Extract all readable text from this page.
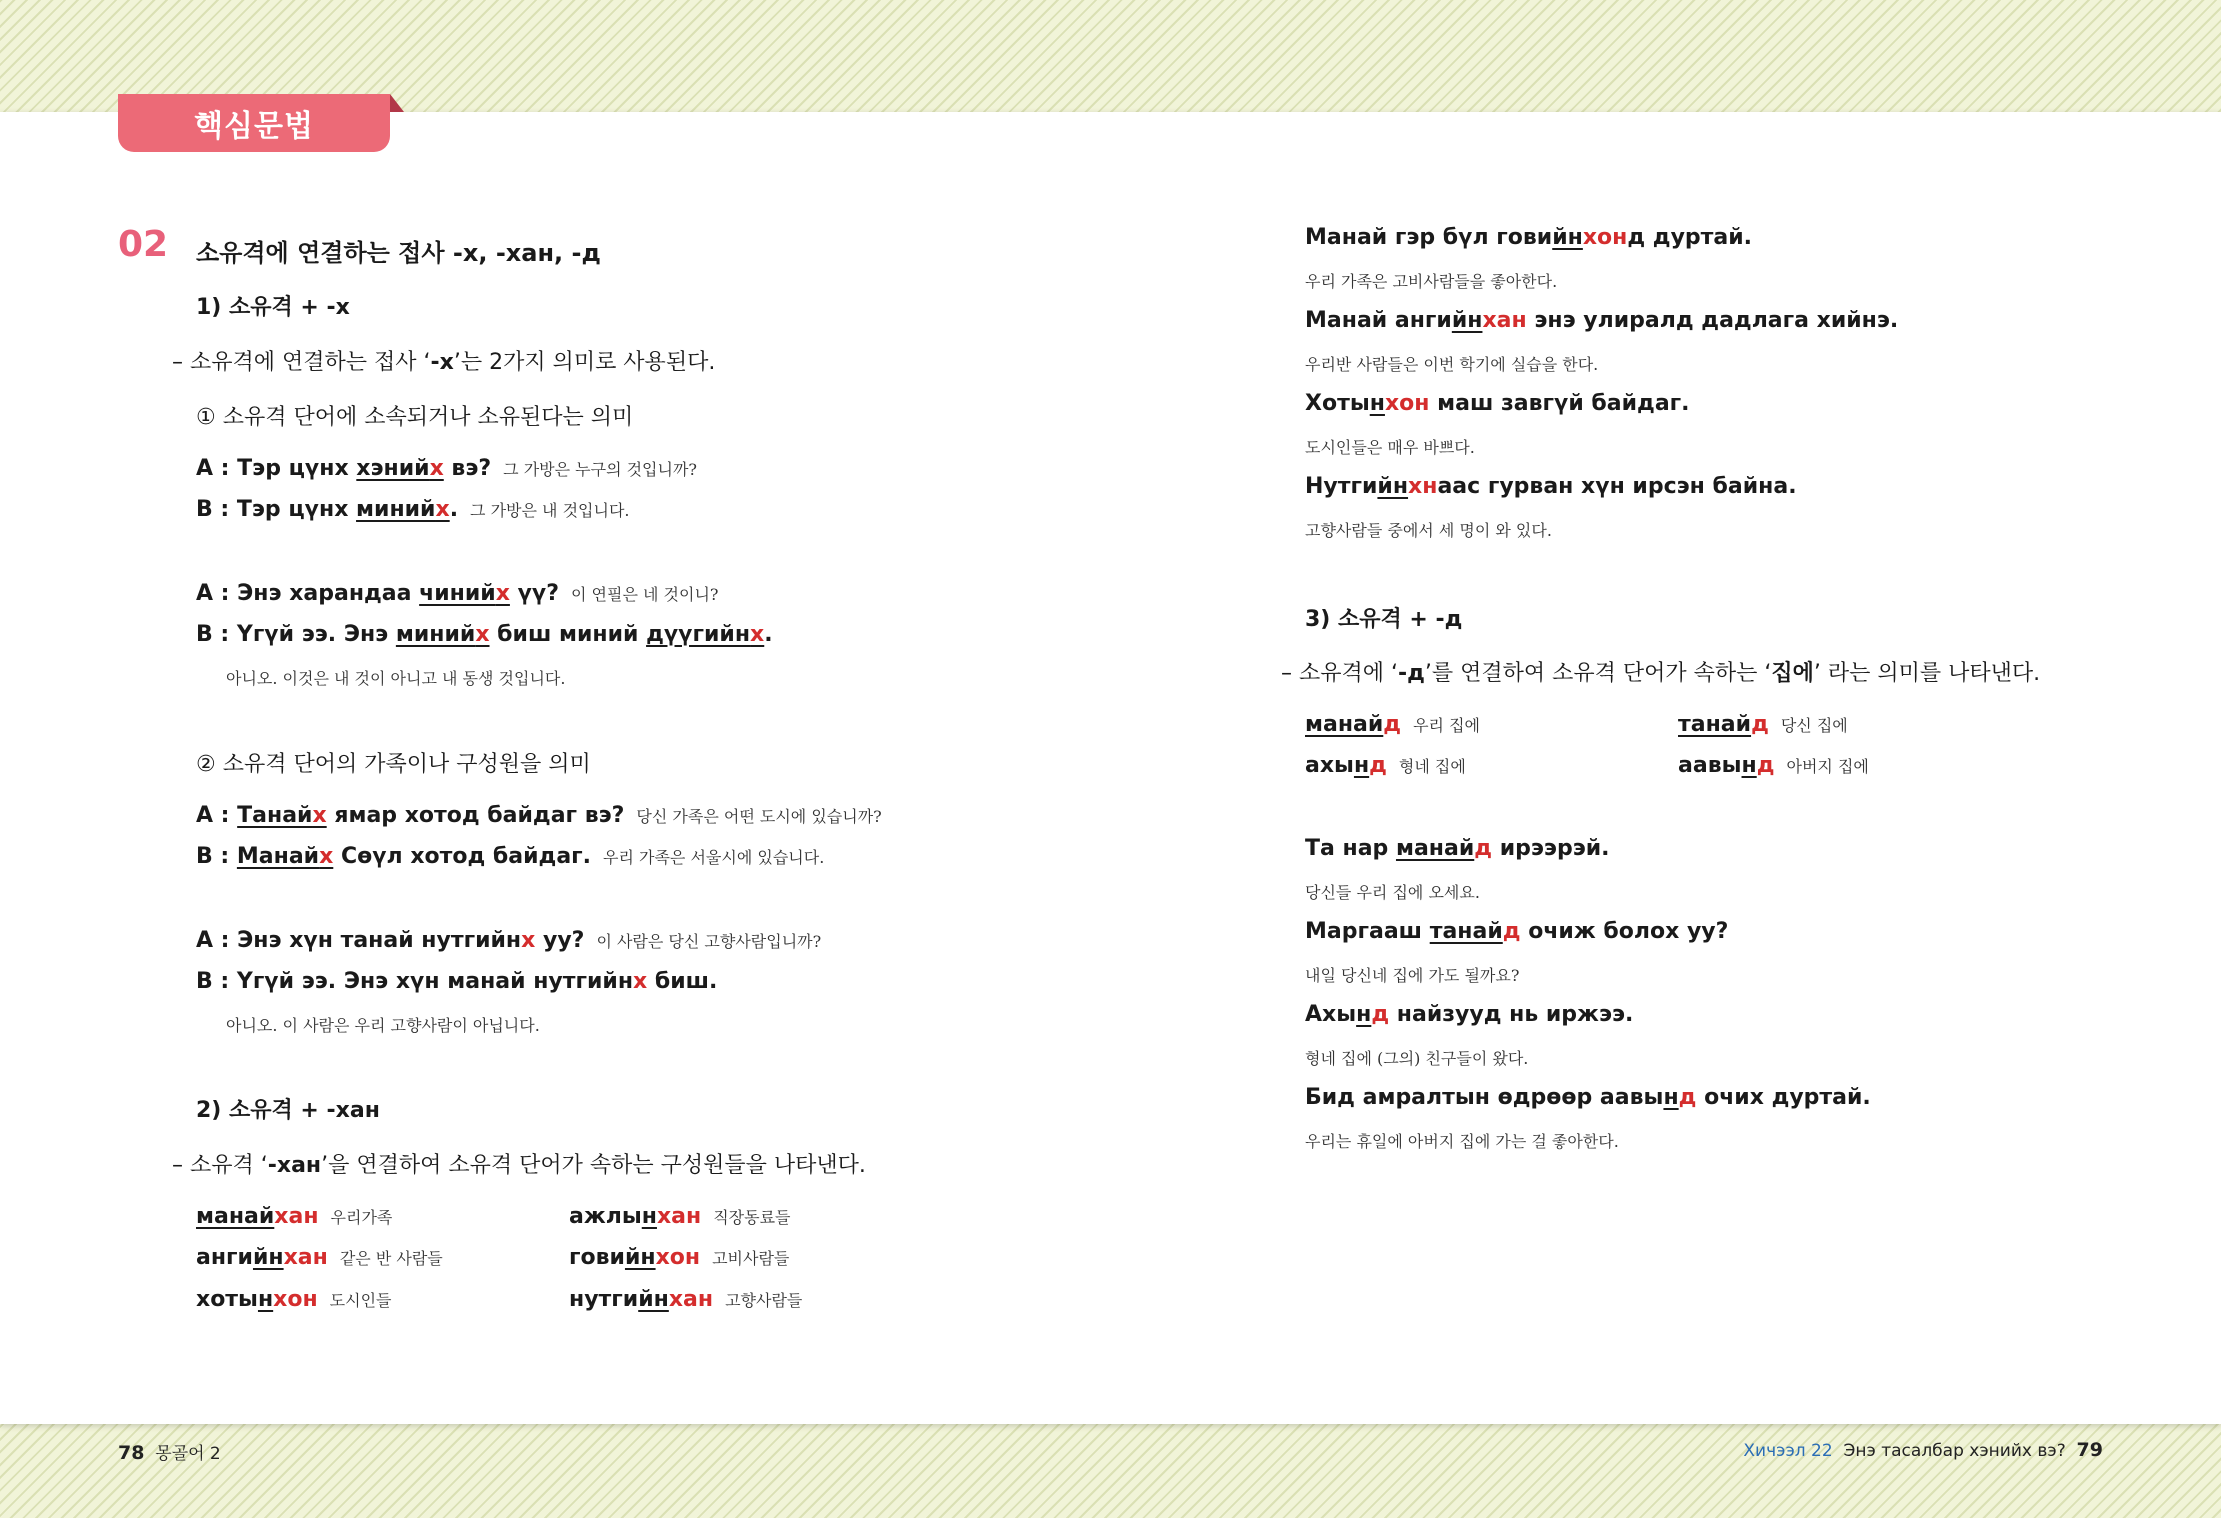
핵심문법
02 소유격에 연결하는 접사 -х, -хан, -д
1) 소유격 + -х
– 소유격에 연결하는 접사 ‘-х’는 2가지 의미로 사용된다.
① 소유격 단어에 소속되거나 소유된다는 의미
A : Тэр цүнх хэнийх вэ? 그 가방은 누구의 것입니까?
B : Тэр цүнх минийх. 그 가방은 내 것입니다.
A : Энэ харандаа чинийх үү? 이 연필은 네 것이니?
B : Үгүй ээ. Энэ минийх биш миний дүүгийнх.
아니오. 이것은 내 것이 아니고 내 동생 것입니다.
② 소유격 단어의 가족이나 구성원을 의미
A : Танайх ямар хотод байдаг вэ? 당신 가족은 어떤 도시에 있습니까?
B : Манайх Сөүл хотод байдаг. 우리 가족은 서울시에 있습니다.
A : Энэ хүн танай нутгийнх уу? 이 사람은 당신 고향사람입니까?
B : Үгүй ээ. Энэ хүн манай нутгийнх биш.
아니오. 이 사람은 우리 고향사람이 아닙니다.
2) 소유격 + -хан
– 소유격 ‘-хан’을 연결하여 소유격 단어가 속하는 구성원들을 나타낸다.
манайхан 우리가족
ангийнхан 같은 반 사람들
хотынхон 도시인들
ажлынхан 직장동료들
говийнхон 고비사람들
нутгийнхан 고향사람들
Манай гэр бүл говийнхонд дуртай.
우리 가족은 고비사람들을 좋아한다.
Манай ангийнхан энэ улиралд дадлага хийнэ.
우리반 사람들은 이번 학기에 실습을 한다.
Хотынхон маш завгүй байдаг.
도시인들은 매우 바쁘다.
Нутгийнхнаас гурван хүн ирсэн байна.
고향사람들 중에서 세 명이 와 있다.
3) 소유격 + -д
– 소유격에 ‘-д’를 연결하여 소유격 단어가 속하는 ‘집에’ 라는 의미를 나타낸다.
манайд 우리 집에
ахынд 형네 집에
танайд 당신 집에
аавынд 아버지 집에
Та нар манайд ирээрэй.
당신들 우리 집에 오세요.
Маргааш танайд очиж болох уу?
내일 당신네 집에 가도 될까요?
Ахынд найзууд нь иржээ.
형네 집에 (그의) 친구들이 왔다.
Бид амралтын өдрөөр аавынд очих дуртай.
우리는 휴일에 아버지 집에 가는 걸 좋아한다.
78 몽골어 2	Хичээл 22 Энэ тасалбар хэнийх вэ? 79
